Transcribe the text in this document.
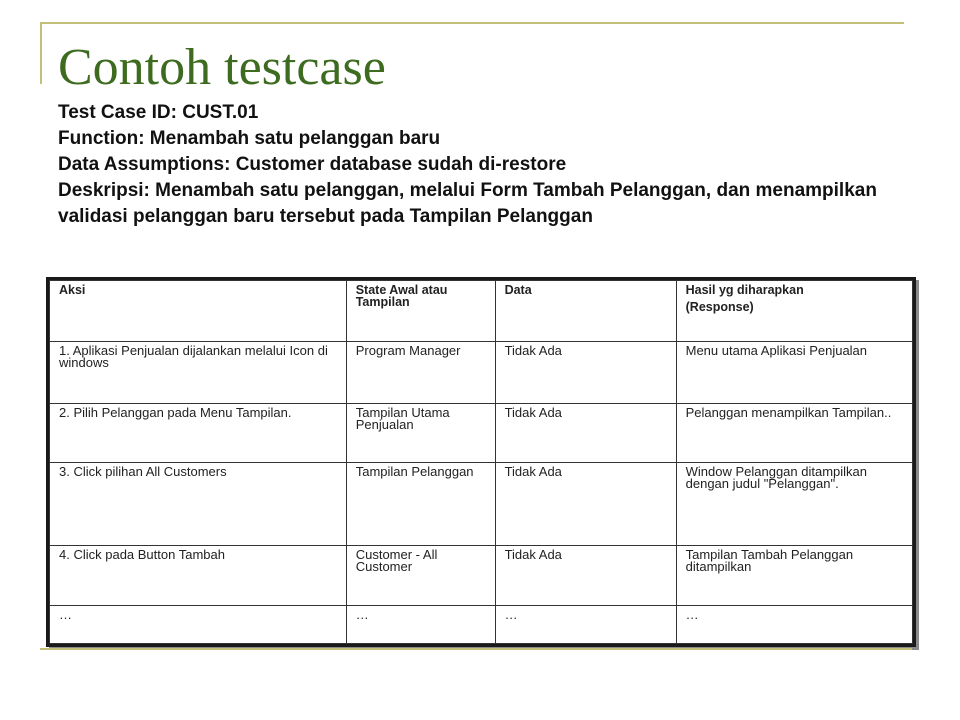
Contoh testcase
Test Case ID: CUST.01
Function: Menambah satu pelanggan baru
Data Assumptions: Customer database sudah di-restore
Deskripsi: Menambah satu pelanggan, melalui Form Tambah Pelanggan, dan menampilkan validasi pelanggan baru tersebut pada Tampilan Pelanggan
Aksi	State Awal atau Tampilan	Data	Hasil yg diharapkan
(Response)

1. Aplikasi Penjualan dijalankan melalui Icon di windows	Program Manager	Tidak Ada	Menu utama Aplikasi Penjualan
2. Pilih Pelanggan pada Menu Tampilan.	Tampilan Utama Penjualan	Tidak Ada	Pelanggan menampilkan Tampilan..
3. Click pilihan All Customers	Tampilan Pelanggan	Tidak Ada	Window Pelanggan ditampilkan dengan judul "Pelanggan".
4. Click pada Button Tambah	Customer - All Customer	Tidak Ada	Tampilan Tambah Pelanggan ditampilkan
…	…	…	…
